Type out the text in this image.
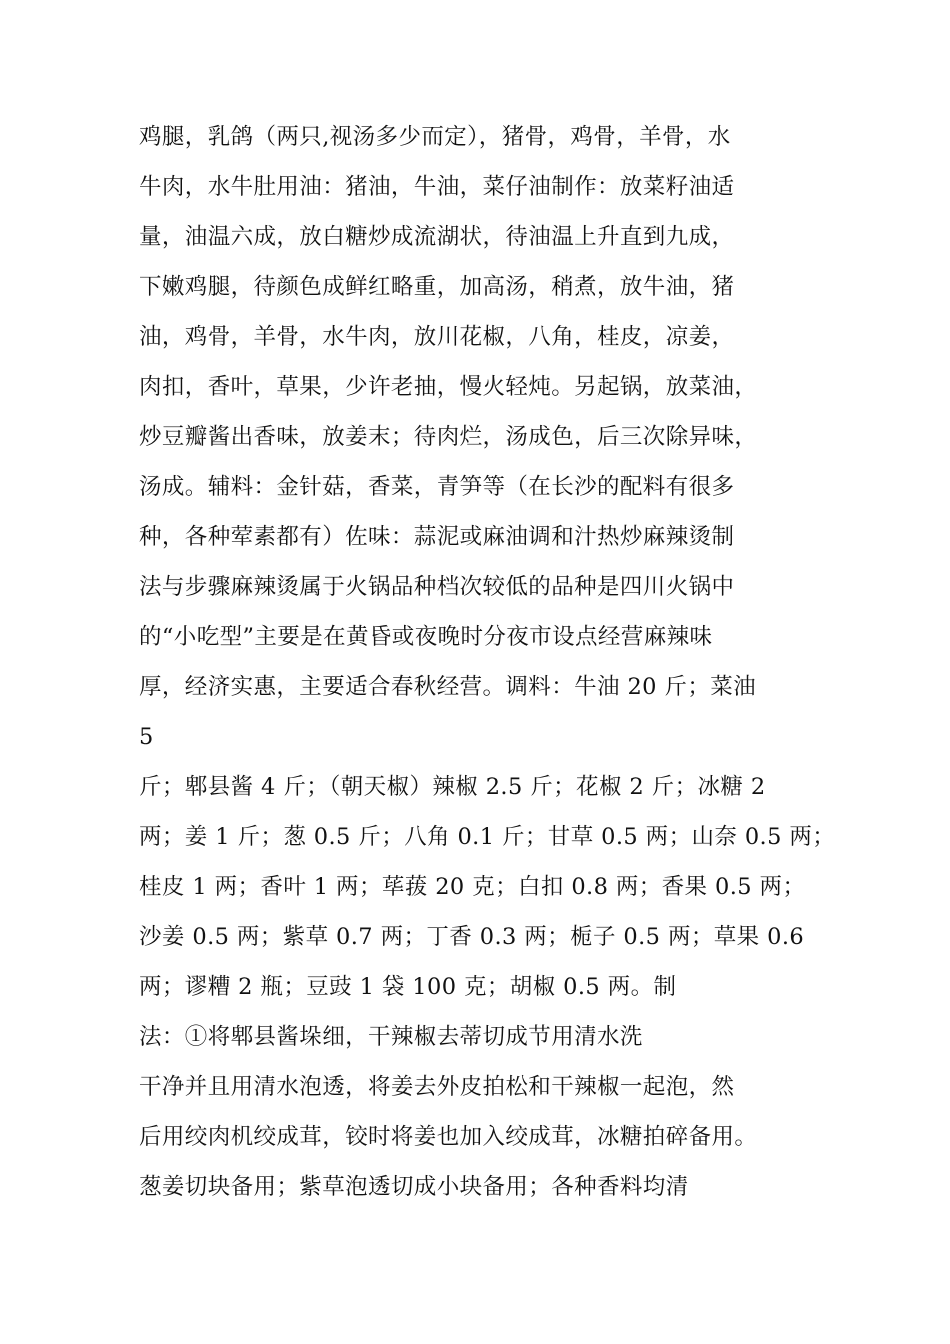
鸡腿，乳鸽（两只,视汤多少而定），猪骨，鸡骨，羊骨，水
牛肉，水牛肚用油：猪油，牛油，菜仔油制作：放菜籽油适
量，油温六成，放白糖炒成流湖状，待油温上升直到九成，
下嫩鸡腿，待颜色成鲜红略重，加高汤，稍煮，放牛油，猪
油，鸡骨，羊骨，水牛肉，放川花椒，八角，桂皮，凉姜，
肉扣，香叶，草果，少许老抽，慢火轻炖。另起锅，放菜油，
炒豆瓣酱出香味，放姜末；待肉烂，汤成色，后三次除异味，
汤成。辅料：金针菇，香菜，青笋等（在长沙的配料有很多
种，各种荤素都有）佐味：蒜泥或麻油调和汁热炒麻辣烫制
法与步骤麻辣烫属于火锅品种档次较低的品种是四川火锅中
的“小吃型”主要是在黄昏或夜晚时分夜市设点经营麻辣味
厚，经济实惠，主要适合春秋经营。调料：牛油 20 斤；菜油
5
斤；郫县酱 4 斤；（朝天椒）辣椒 2.5 斤；花椒 2 斤；冰糖 2
两；姜 1 斤；葱 0.5 斤；八角 0.1 斤；甘草 0.5 两；山奈 0.5 两；
桂皮 1 两；香叶 1 两；荜菝 20 克；白扣 0.8 两；香果 0.5 两；
沙姜 0.5 两；紫草 0.7 两；丁香 0.3 两；栀子 0.5 两；草果 0.6
两；谬糟 2 瓶；豆豉 1 袋 100 克；胡椒 0.5 两。制
法：①将郫县酱垛细，干辣椒去蒂切成节用清水洗
干净并且用清水泡透，将姜去外皮拍松和干辣椒一起泡，然
后用绞肉机绞成茸，铰时将姜也加入绞成茸，冰糖拍碎备用。
葱姜切块备用；紫草泡透切成小块备用；各种香料均清
